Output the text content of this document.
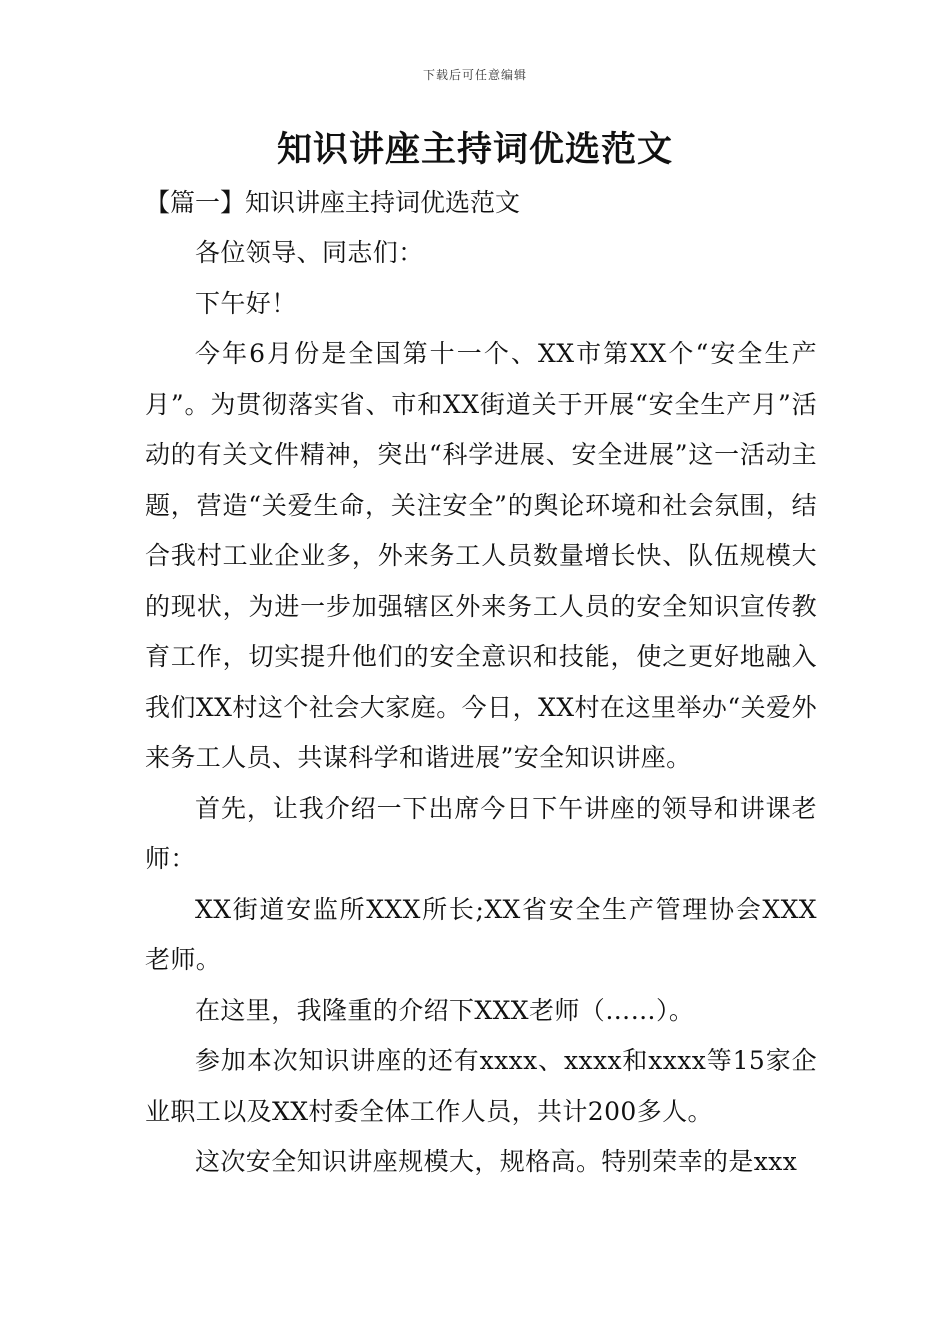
下载后可任意编辑
知识讲座主持词优选范文

【篇一】知识讲座主持词优选范文

各位领导、同志们：

下午好！

今年6月份是全国第十一个、XX市第XX个“安全生产月”。为贯彻落实省、市和XX街道关于开展“安全生产月”活动的有关文件精神，突出“科学进展、安全进展”这一活动主题，营造“关爱生命，关注安全”的舆论环境和社会氛围，结合我村工业企业多，外来务工人员数量增长快、队伍规模大的现状，为进一步加强辖区外来务工人员的安全知识宣传教育工作，切实提升他们的安全意识和技能，使之更好地融入我们XX村这个社会大家庭。今日，XX村在这里举办“关爱外来务工人员、共谋科学和谐进展”安全知识讲座。

首先，让我介绍一下出席今日下午讲座的领导和讲课老师：

XX街道安监所XXX所长;XX省安全生产管理协会XXX老师。

在这里，我隆重的介绍下XXX老师（……）。

参加本次知识讲座的还有xxxx、xxxx和xxxx等15家企业职工以及XX村委全体工作人员，共计200多人。

这次安全知识讲座规模大，规格高。特别荣幸的是xxx
